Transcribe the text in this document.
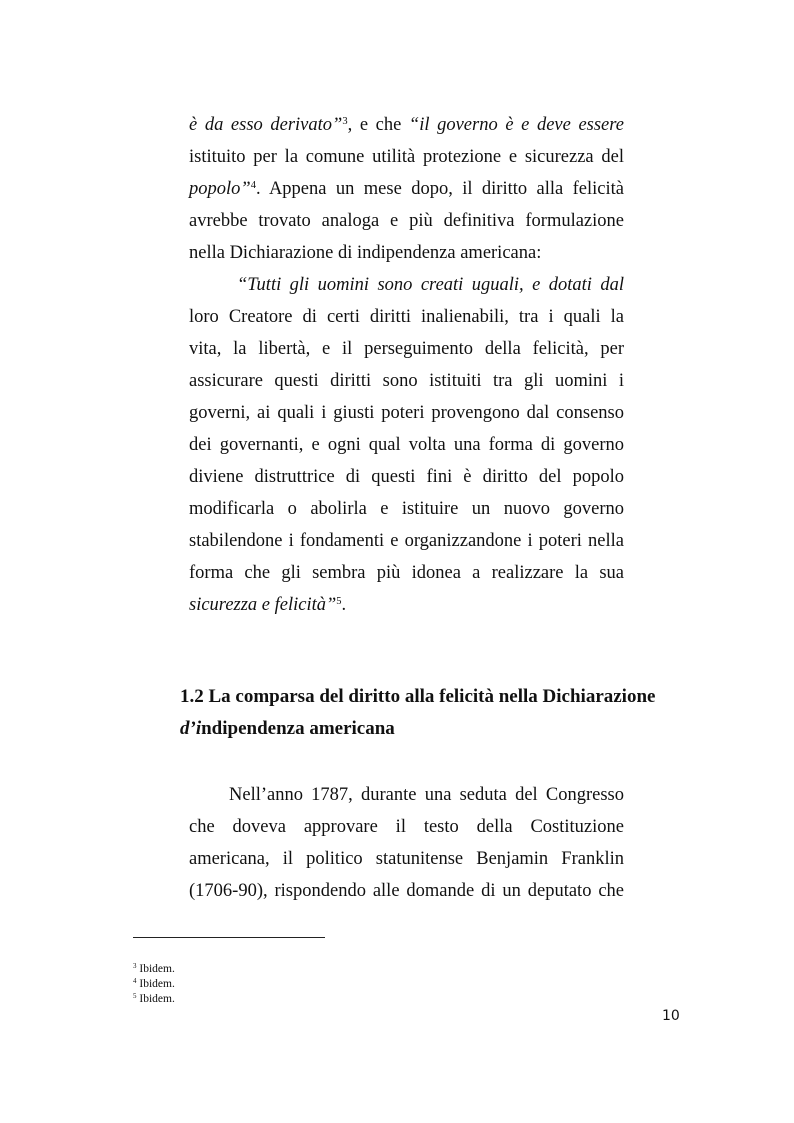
è da esso derivato”$^3$, e che “il governo è e deve essere
istituito per la comune utilità protezione e sicurezza del
popolo”$^4$. Appena un mese dopo, il diritto alla felicità
avrebbe trovato analoga e più definitiva formulazione
nella Dichiarazione di indipendenza americana:
“Tutti gli uomini sono creati uguali, e dotati dal
loro Creatore di certi diritti inalienabili, tra i quali la
vita, la libertà, e il perseguimento della felicità, per
assicurare questi diritti sono istituiti tra gli uomini i
governi, ai quali i giusti poteri provengono dal consenso
dei governanti, e ogni qual volta una forma di governo
diviene distruttrice di questi fini è diritto del popolo
modificarla o abolirla e istituire un nuovo governo
stabilendone i fondamenti e organizzandone i poteri nella
forma che gli sembra più idonea a realizzare la sua
sicurezza e felicità”$^5$.
1.2 La comparsa del diritto alla felicità nella Dichiarazione
d’indipendenza americana
Nell’anno 1787, durante una seduta del Congresso
che doveva approvare il testo della Costituzione
americana, il politico statunitense Benjamin Franklin
(1706-90), rispondendo alle domande di un deputato che
$^3$ Ibidem.
$^4$ Ibidem.
$^5$ Ibidem.
10
